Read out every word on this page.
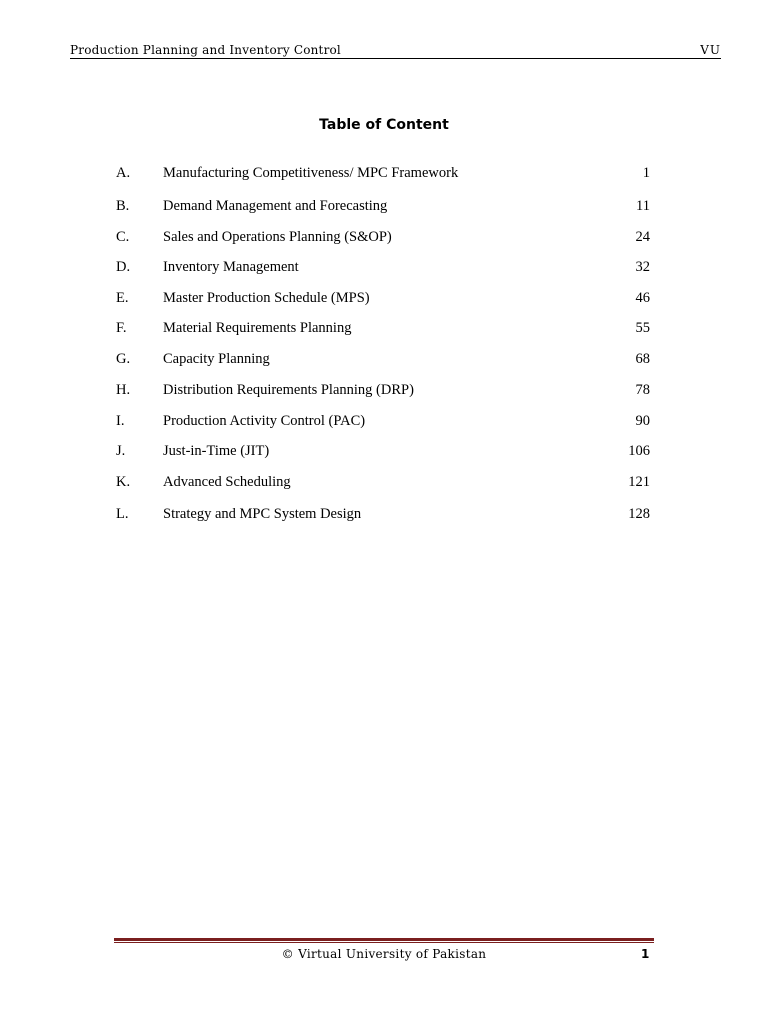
Production Planning and Inventory Control	VU
Table of Content
A. Manufacturing Competitiveness/ MPC Framework	1
B. Demand Management and Forecasting	11
C. Sales and Operations Planning (S&OP)	24
D. Inventory Management	32
E. Master Production Schedule (MPS)	46
F.	Material Requirements Planning	55
G. Capacity Planning	68
H. Distribution Requirements Planning (DRP)	78
I.	Production Activity Control (PAC)	90
J.	Just-in-Time (JIT)	106
K. Advanced Scheduling	121
L. Strategy and MPC System Design	128
© Virtual University of Pakistan	1
